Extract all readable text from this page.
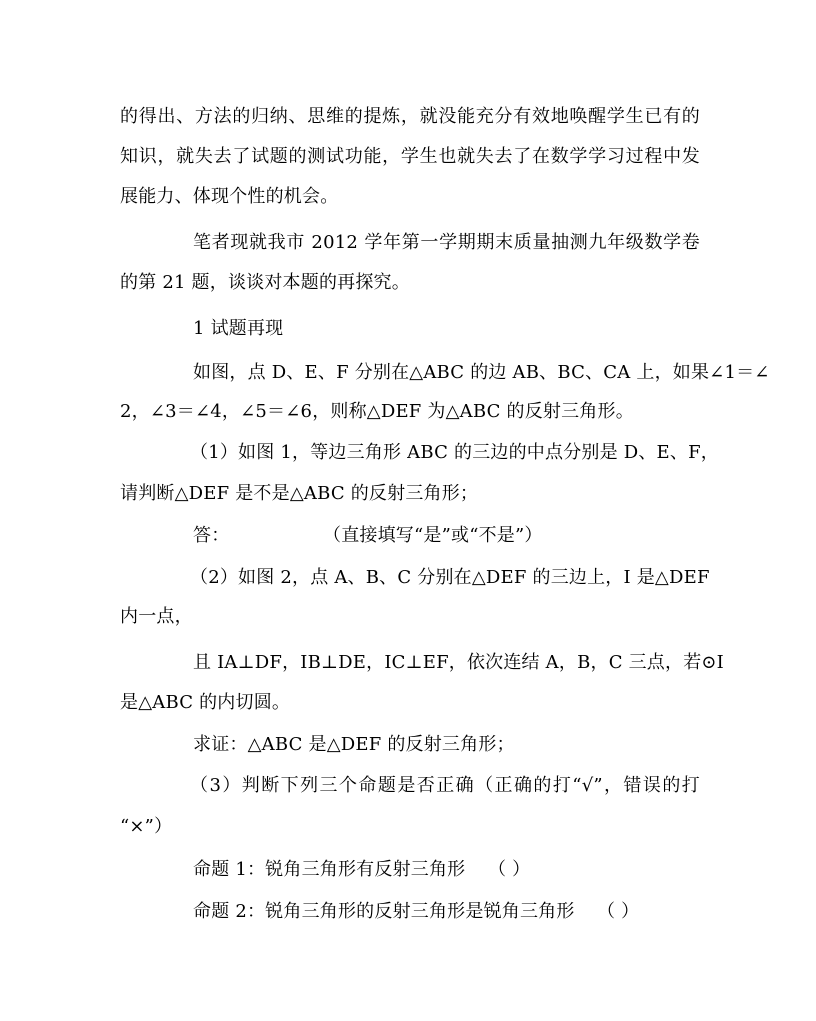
的得出、方法的归纳、思维的提炼，就没能充分有效地唤醒学生已有的
知识，就失去了试题的测试功能，学生也就失去了在数学学习过程中发
展能力、体现个性的机会。
笔者现就我市 2012 学年第一学期期末质量抽测九年级数学卷
的第 21 题，谈谈对本题的再探究。
1 试题再现
如图，点 D、E、F 分别在△ABC 的边 AB、BC、CA 上，如果∠1＝∠
2，∠3＝∠4，∠5＝∠6，则称△DEF 为△ABC 的反射三角形。
（1）如图 1，等边三角形 ABC 的三边的中点分别是 D、E、F，
请判断△DEF 是不是△ABC 的反射三角形；
答：	（直接填写“是”或“不是”）
（2）如图 2，点 A、B、C 分别在△DEF 的三边上，I 是△DEF
内一点，
且 IA⊥DF，IB⊥DE，IC⊥EF，依次连结 A，B，C 三点，若⊙I
是△ABC 的内切圆。
求证：△ABC 是△DEF 的反射三角形；
（3）判断下列三个命题是否正确（正确的打“√”，错误的打
“×”）
命题 1：锐角三角形有反射三角形	（ ）
命题 2：锐角三角形的反射三角形是锐角三角形	（ ）
